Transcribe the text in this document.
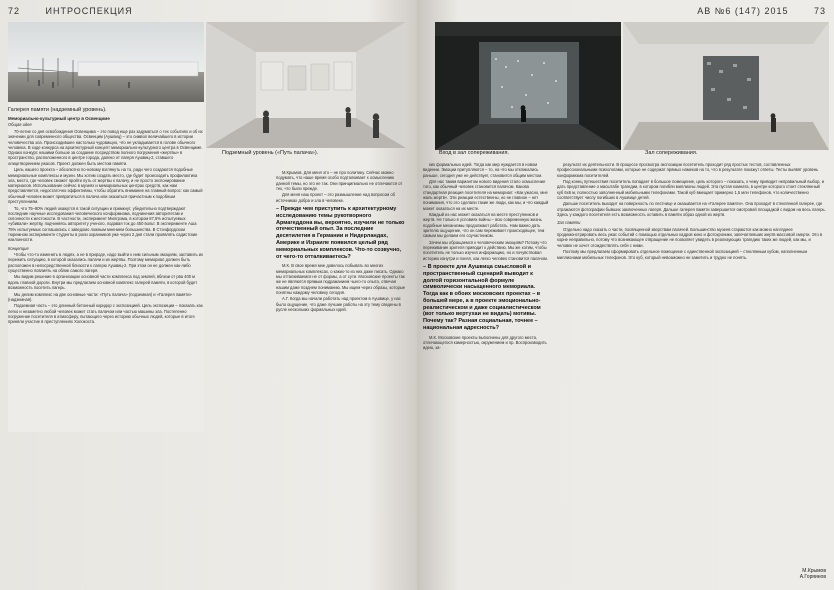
72	ИНТРОСПЕКЦИЯ
Галерея памяти (надземный уровень).
Подземный уровень («Путь палача»).

Мемориально-культурный центр в Освенциме

Общая идея

70-летие со дня освобождения Освенцима – это повод еще раз задуматься о тех событиях и об их значении для современного общества. Освенцим (Аушвиц) – это символ величайшего в истории человечества зла. Происходившее настолько чудовищно, что не укладывается в голове обычного человека. В ходе конкурса на архитектурный концепт мемориально-культурного центра в Освенциме. Однако конкурс нашими больше за создание посредством полного погружения «жертвы» в пространство, расположенного в центре города, далеко от лагеря Аушвиц-2, ставшего олицетворением ужасов. Проект должен быть местом памяти.

Цель нашего проекта – абсолютно по-новому взглянуть на то, ради чего создаются подобные мемориальные комплексы и музеи. Мы хотим создать место, где будет происходить профилактика зла, место, где человек сможет пройти путь от жертвы к палачу, и не просто экспонирование материалов. Использование сейчас в музеях и мемориальных центрах средств, как нам представляется, недостаточно эффективны, чтобы обратить внимание на главный вопрос: как самый обычный человек может превратиться в палача или оказаться причастным к подобным преступлениям.

То, что 75–80% людей окажутся в такой ситуации и примкнут, убедительно подтверждают последние научные исследования человеческого конформизма, подчинения авторитетам и склонности к жестокости. В частности, эксперимент Милгрэма, в котором 87,5% испытуемых «убивали» жертву, подчиняясь авторитету ученого, подавая ток до 450 вольт. В эксперименте Аша 75% испытуемых соглашались с заведомо ложным мнением большинства. В Стэнфордском тюремном эксперименте студенты в роли охранников уже через 2 дня стали проявлять садистские наклонности.

Концепция

Чтобы что-то изменить в людях, а не в природе, надо выйти к ним сильным эмоциям, заставить их пережить ситуацию, в которой оказались палачи и их жертвы. Поэтому мемориал должен быть расположен в непосредственной близости к лагерю Аушвиц-2. При этом он не должен как-либо существенно повлиять на облик самого лагеря.

Мы видим решение в организации основной части комплекса под землей, вблизи от рва 400 м вдоль главной дороги. Внутри мы предлагаем основной комплекс галерей памяти, в которой будет возможность посетить лагерь.

Мы делим комплекс на две основные части: «Путь палача» (подземная) и «Галерея памяти» (надземная).

Подземная часть – это длинный бетонный коридор с экспозицией. Цель экспозиции – показать как легко и незаметно любой человек может стать палачом или частью машины зла. Постепенно погружение посетителя в атмосферу, пытающего через историю обычных людей, которые в итоге приняли участие в преступлениях Холокоста.

М.Крымов. Для меня это – не про политику. Сейчас можно подумать, что наше время особо подталкивает к осмыслению данной темы, но это не так. Они принципиально не отличаются от тех, что были прежде.

Для меня наш проект – это размышление над вопросом об источниках добра и зла в человеке.

– Прежде чем приступить к архитектурному исследованию темы рукотворного Армагеддона вы, вероятно, изучили не только отечественный опыт. За последние десятилетия в Германии и Нидерландах, Америке и Израиле появился целый ряд мемориальных комплексов. Что-то созвучно, от чего-то отталкиваетесь?

М.К. В свое время мне довелось побывать во многих мемориальных комплексах, о каких-то из них даже писать. Однако мы отталкиваемся не от формы, а от сути. Московские проекты так же не являются прямым подражанием чьего-то опыта, отвечая нашим даже позднем пониманию. Мы ищем через образы, которые понятны каждому человеку сегодня.

А.Г. Когда мы начали работать над проектом в Аушвице, у нас было ощущение, что даже лучшие работы на эту тему сведены в русле нескольких формальных идей.

АВ №6 (147) 2015	73
Вход в зал сопереживания.	Зал сопереживания.

ких формальных идей. Тогда как мир нуждается в новом видении. Эмоции притупляются – то, на что мы откликались раньше, сегодня уже не действует, становится общим местом.

Для нас таким вариантом нового видения стало осмысление того, как обычный человек становится палачом. Какова стандартная реакция посетителя на мемориал: «Как ужасно, мне жаль жертв». Эти реакции естественны, но не главное – нет понимания, что это сделали такие же люди, как мы, и что каждый может оказаться на их месте.

Каждый из нас может оказаться на месте преступников и жертв. Не только в условиях войны – всю современную жизнь подобные механизмы продолжают работать. Нам важно дать зрителю ощущение, что он сам переживает происходящее, тем самым мы делаем его соучастником.

Зачем мы обращаемся к человеческим эмоциям? Потому что переживание зрителя приводит к действию. Мы же хотим, чтобы посетитель не только изучил информацию, но и почувствовал историю изнутри и понял, как легко человек становится палачом.

– В проекте для Аушвица смысловой и пространственный сценарий выводит к долгой горизонтальной формуле символически насыщенного мемориала. Тогда как в обоих московских проектах – в большей мере, а в проекте эмоционально-реалистическом и даже социалистическом (вот только вертухаи не видать) мотивы. Почему так? Разная социальная, точнее – национальная адресность?

М.К. Московские проекты выполнены для другого места, отличающегося камерностью, окружением и пр. Воспроизводить идею, за-

результат их деятельности. В процессе просмотра экспозиции посетитель проходит ряд простых тестов, составленных профессиональными психологами, которые не содержат прямых намеков на то, что в результате покажут ответы. Тесты выявят уровень конформизма посетителей.

Под конец путешествия посетитель попадает в большое помещение, цель которого – показать, к чему приводит неправильный выбор, и дать представление о масштабе трагедии, в котором погибли миллионы людей. Эта пустая комната, в центре которого стоит стеклянный куб 6х6 м, полностью заполненный мобильными телефонами. Такой куб вмещает примерно 1,5 млн телефонов, что количественно соответствует числу погибших в Аушвице детей.

Дальше посетитель выходит на поверхность по лестнице и оказывается на «Галерее памяти». Она проходит в стеклянной галерее, где отражаются фотографии бывших заключенных лагеря. Дальше галерея памяти завершается смотровой площадкой с видом на весь лагерь. Здесь у каждого посетителя есть возможность оставить в памяти образ одной из жертв.

Зал памяти

Отдельно надо сказать о части, посвященной зверствам палачей. Большинство музеев стараются как можно нагляднее продемонстрировать весь ужас событий с помощью отдельных кадров кино и фотохроники, запечатлевших жертв массовой смерти. Это в корне неправильно, потому что возникающее отвращение не позволяет увидеть в реализующих трагедию таких же людей, как мы, и человек не хочет отождествлять себя с ними.

Поэтому мы предлагаем сформировать отдельное помещение с единственной экспозицией – стеклянным кубом, наполненным миллионами мобильных телефонов. Это куб, который невозможно не заметить и трудно не понять.

М.Крымов
А.Горяинов
